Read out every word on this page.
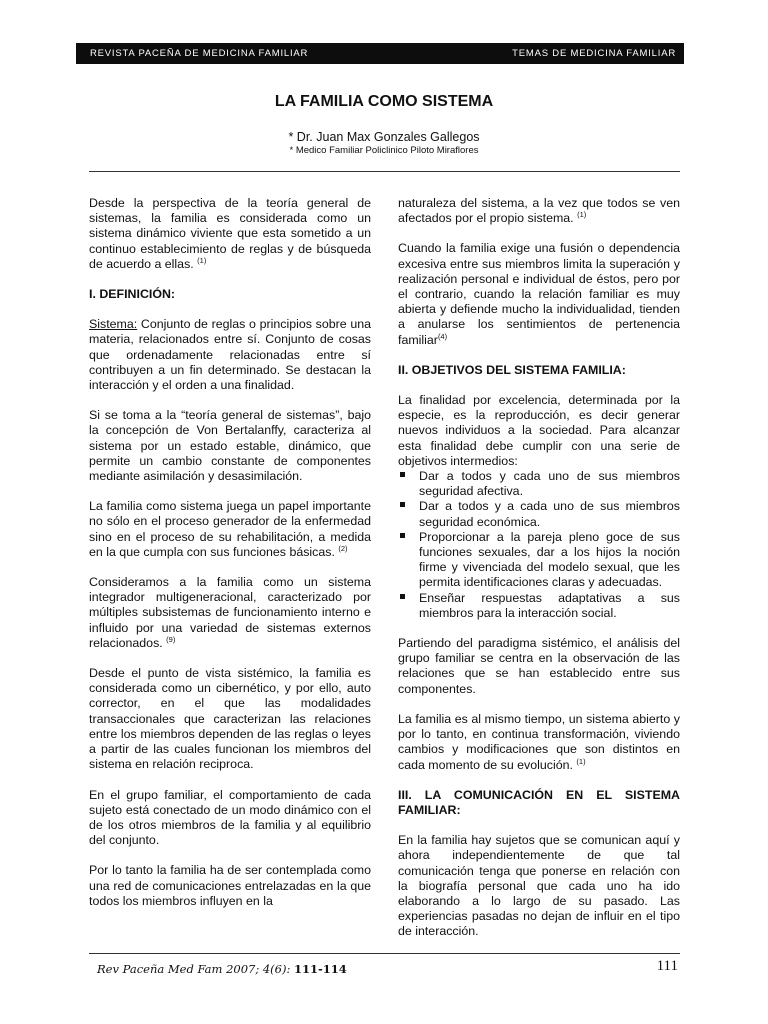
REVISTA PACEÑA DE MEDICINA FAMILIAR	TEMAS DE MEDICINA FAMILIAR
LA FAMILIA COMO SISTEMA
* Dr. Juan Max Gonzales Gallegos
* Medico Familiar Policlinico Piloto Miraflores

Desde la perspectiva de la teoría general de sistemas, la familia es considerada como un sistema dinámico viviente que esta sometido a un continuo establecimiento de reglas y de búsqueda de acuerdo a ellas. $^{(1)}$

I. DEFINICIÓN:

Sistema: Conjunto de reglas o principios sobre una materia, relacionados entre sí. Conjunto de cosas que ordenadamente relacionadas entre sí contribuyen a un fin determinado. Se destacan la interacción y el orden a una finalidad.

Si se toma a la “teoría general de sistemas”, bajo la concepción de Von Bertalanffy, caracteriza al sistema por un estado estable, dinámico, que permite un cambio constante de componentes mediante asimilación y desasimilación.

La familia como sistema juega un papel importante no sólo en el proceso generador de la enfermedad sino en el proceso de su rehabilitación, a medida en la que cumpla con sus funciones básicas. $^{(2)}$

Consideramos a la familia como un sistema integrador multigeneracional, caracterizado por múltiples subsistemas de funcionamiento interno e influido por una variedad de sistemas externos relacionados. $^{(9)}$

Desde el punto de vista sistémico, la familia es considerada como un cibernético, y por ello, auto corrector, en el que las modalidades transaccionales que caracterizan las relaciones entre los miembros dependen de las reglas o leyes a partir de las cuales funcionan los miembros del sistema en relación reciproca.

En el grupo familiar, el comportamiento de cada sujeto está conectado de un modo dinámico con el de los otros miembros de la familia y al equilibrio del conjunto.

Por lo tanto la familia ha de ser contemplada como una red de comunicaciones entrelazadas en la que todos los miembros influyen en la

naturaleza del sistema, a la vez que todos se ven afectados por el propio sistema. $^{(1)}$

Cuando la familia exige una fusión o dependencia excesiva entre sus miembros limita la superación y realización personal e individual de éstos, pero por el contrario, cuando la relación familiar es muy abierta y defiende mucho la individualidad, tienden a anularse los sentimientos de pertenencia familiar$^{(4)}$

II. OBJETIVOS DEL SISTEMA FAMILIA:

La finalidad por excelencia, determinada por la especie, es la reproducción, es decir generar nuevos individuos a la sociedad. Para alcanzar esta finalidad debe cumplir con una serie de objetivos intermedios:

Dar a todos y cada uno de sus miembros seguridad afectiva.
Dar a todos y a cada uno de sus miembros seguridad económica.
Proporcionar a la pareja pleno goce de sus funciones sexuales, dar a los hijos la noción firme y vivenciada del modelo sexual, que les permita identificaciones claras y adecuadas.
Enseñar respuestas adaptativas a sus miembros para la interacción social.

Partiendo del paradigma sistémico, el análisis del grupo familiar se centra en la observación de las relaciones que se han establecido entre sus componentes.

La familia es al mismo tiempo, un sistema abierto y por lo tanto, en continua transformación, viviendo cambios y modificaciones que son distintos en cada momento de su evolución. $^{(1)}$

III. LA COMUNICACIÓN EN EL SISTEMA FAMILIAR:

En la familia hay sujetos que se comunican aquí y ahora independientemente de que tal comunicación tenga que ponerse en relación con la biografía personal que cada uno ha ido elaborando a lo largo de su pasado. Las experiencias pasadas no dejan de influir en el tipo de interacción.

Rev Paceña Med Fam 2007; 4(6): 111-114	111
